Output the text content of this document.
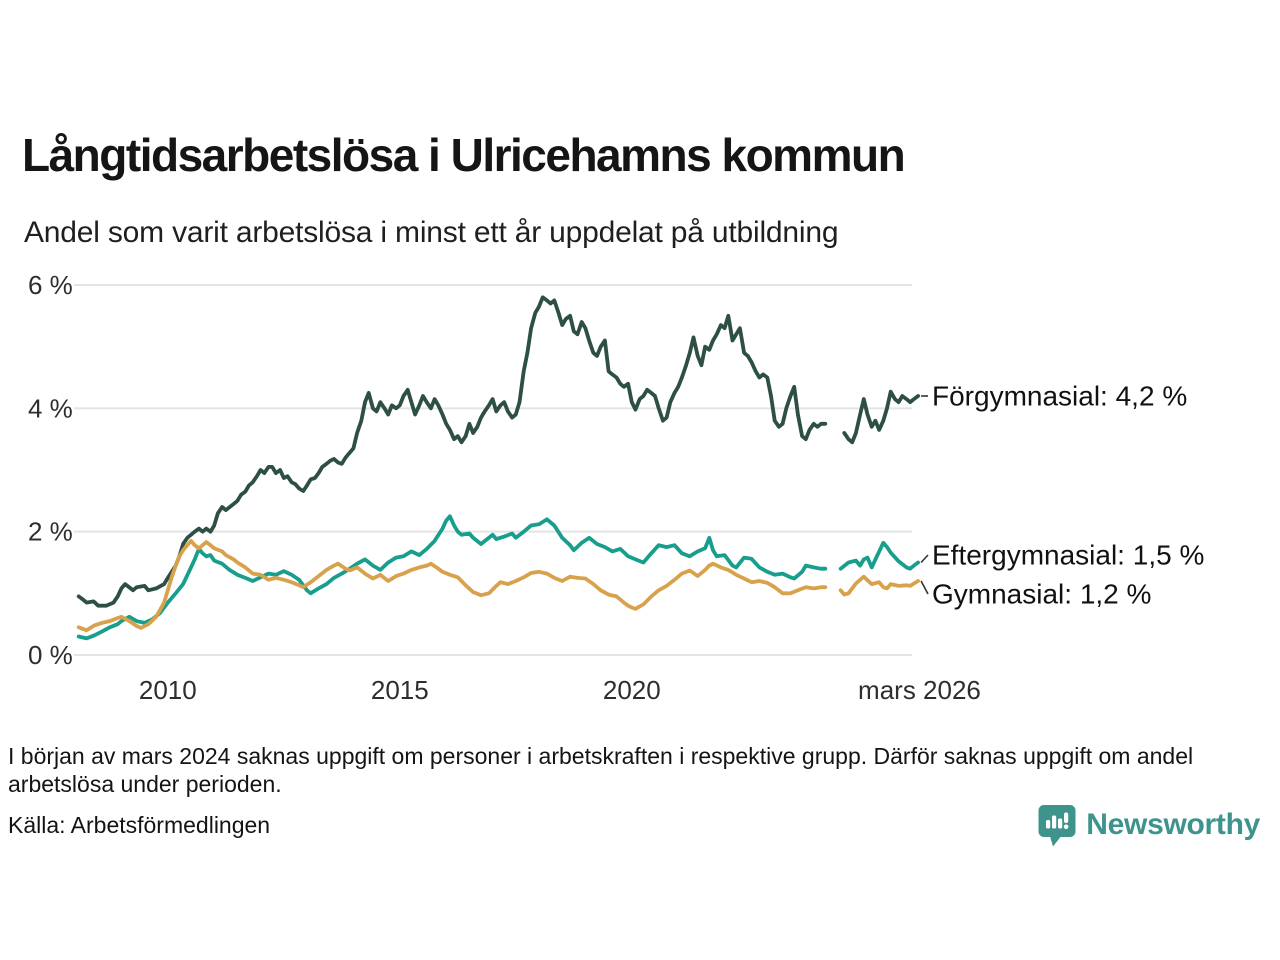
0 %
2 %
4 %
6 %
2010	2015	2020	mars 2026
Förgymnasial: 4,2 %
Eftergymnasial: 1,5 %
Gymnasial: 1,2 %
Långtidsarbetslösa i Ulricehamns kommun

Andel som varit arbetslösa i minst ett år uppdelat på utbildning

I början av mars 2024 saknas uppgift om personer i arbetskraften i respektive grupp. Därför saknas uppgift om andel arbetslösa under perioden.

Källa: Arbetsförmedlingen	Newsworthy
